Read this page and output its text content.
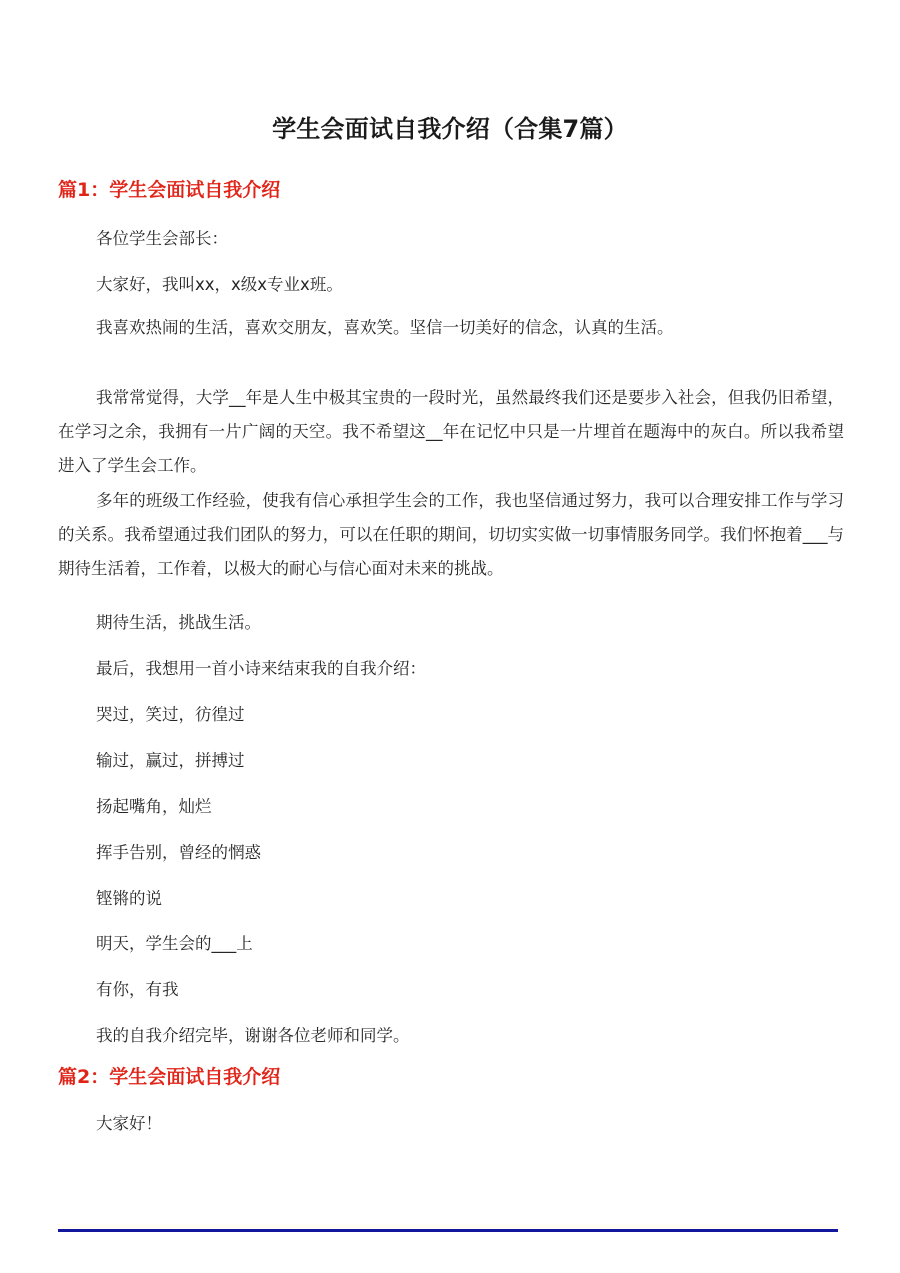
学生会面试自我介绍（合集7篇）
篇1：学生会面试自我介绍
各位学生会部长：
大家好，我叫xx，x级x专业x班。
我喜欢热闹的生活，喜欢交朋友，喜欢笑。坚信一切美好的信念，认真的生活。
我常常觉得，大学__年是人生中极其宝贵的一段时光，虽然最终我们还是要步入社会，但我仍旧希望，在学习之余，我拥有一片广阔的天空。我不希望这__年在记忆中只是一片埋首在题海中的灰白。所以我希望进入了学生会工作。
多年的班级工作经验，使我有信心承担学生会的工作，我也坚信通过努力，我可以合理安排工作与学习的关系。我希望通过我们团队的努力，可以在任职的期间，切切实实做一切事情服务同学。我们怀抱着___与期待生活着，工作着，以极大的耐心与信心面对未来的挑战。
期待生活，挑战生活。
最后，我想用一首小诗来结束我的自我介绍：
哭过，笑过，彷徨过
输过，赢过，拼搏过
扬起嘴角，灿烂
挥手告别，曾经的惘惑
铿锵的说
明天，学生会的___上
有你，有我
我的自我介绍完毕，谢谢各位老师和同学。
篇2：学生会面试自我介绍
大家好！
